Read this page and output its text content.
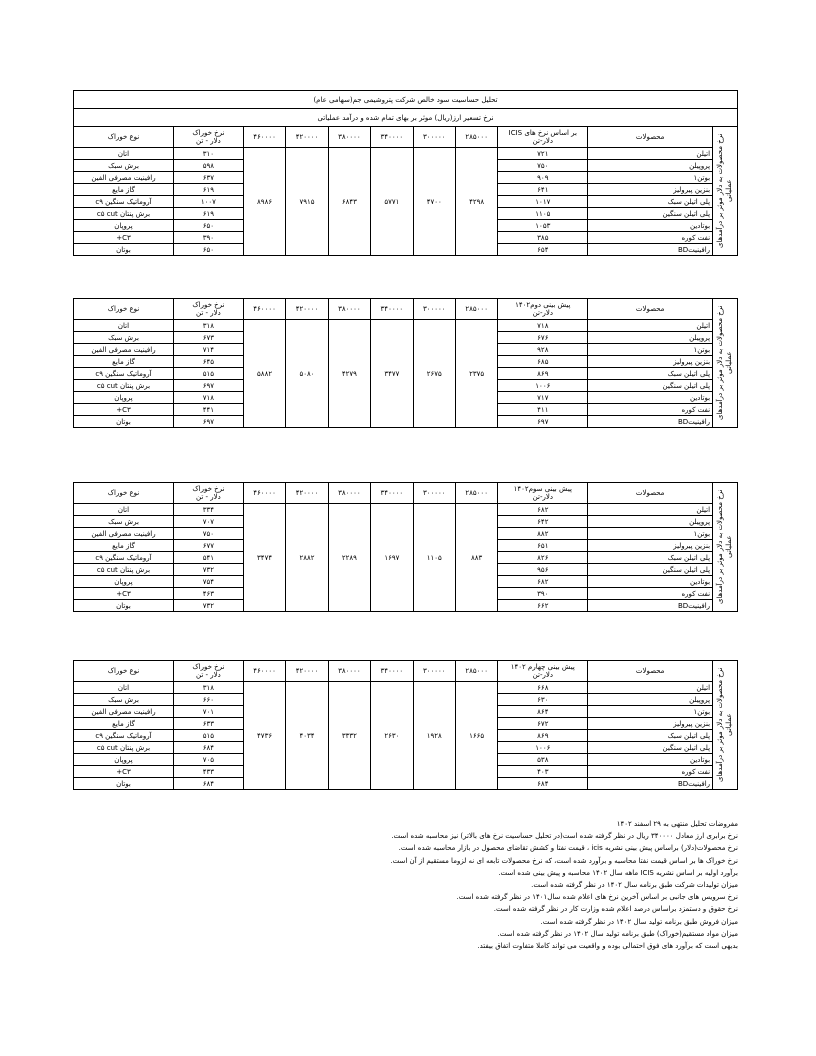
تحلیل حساسیت سود خالص شرکت پتروشیمی جم(سهامی عام)										
نرخ تسعیر ارز(ریال) موثر بر بهای تمام شده و درآمد عملیاتی										

نرخ محصولات به دلار موثر بر درآمدهای عملیاتی	محصولات	بر اساس نرخ های ICIS
دلار-تن	۲۸۵۰۰۰	۳۰۰۰۰۰	۳۴۰۰۰۰	۳۸۰۰۰۰	۴۲۰۰۰۰	۴۶۰۰۰۰	نرخ خوراک
دلار - تن	نوع خوراک
	اتیلن	۷۲۱	۴۲۹۸	۴۷۰۰	۵۷۷۱	۶۸۴۳	۷۹۱۵	۸۹۸۶	۳۱۰	اتان
	پروپیلن	۷۵۰							۵۹۸	برش سبک
	بوتن۱	۹۰۹							۶۳۷	رافینیت مصرفی الفین
	بنزین پیرولیز	۶۴۱							۶۱۹	گاز مایع
	پلی اتیلن سبک	۱۰۱۷							۱۰۰۷	آروماتیک سنگین c۹
	پلی اتیلن سنگین	۱۱۰۵							۶۱۹	برش پنتان c۵ cut
	بوتادین	۱۰۵۳							۶۵۰	پروپان
	نفت کوره	۳۸۵							۳۹۰	C۳+
	رافینیتBD	۶۵۴							۶۵۰	بوتان
نرخ محصولات به دلار موثر بر درآمدهای عملیاتی	محصولات	پیش بینی دوم۱۴۰۲
دلار-تن	۲۸۵۰۰۰	۳۰۰۰۰۰	۳۴۰۰۰۰	۳۸۰۰۰۰	۴۲۰۰۰۰	۴۶۰۰۰۰	نرخ خوراک
دلار - تن	نوع خوراک
	اتیلن	۷۱۸	۲۳۷۵	۲۶۷۵	۳۴۷۷	۴۲۷۹	۵۰۸۰	۵۸۸۲	۳۱۸	اتان
	پروپیلن	۶۷۶							۶۷۳	برش سبک
	بوتن۱	۹۲۸							۷۱۴	رافینیت مصرفی الفین
	بنزین پیرولیز	۶۸۵							۶۴۵	گاز مایع
	پلی اتیلن سبک	۸۶۹							۵۱۵	آروماتیک سنگین c۹
	پلی اتیلن سنگین	۱۰۰۶							۶۹۷	برش پنتان c۵ cut
	بوتادین	۷۱۷							۷۱۸	پروپان
	نفت کوره	۴۱۱							۴۴۱	C۳+
	رافینیتBD	۶۹۷							۶۹۷	بوتان
نرخ محصولات به دلار موثر بر درآمدهای عملیاتی	محصولات	پیش بینی سوم۱۴۰۲
دلار-تن	۲۸۵۰۰۰	۳۰۰۰۰۰	۳۴۰۰۰۰	۳۸۰۰۰۰	۴۲۰۰۰۰	۴۶۰۰۰۰	نرخ خوراک
دلار - تن	نوع خوراک
	اتیلن	۶۸۲	۸۸۳	۱۱۰۵	۱۶۹۷	۲۲۸۹	۲۸۸۲	۳۴۷۴	۳۳۴	اتان
	پروپیلن	۶۴۲							۷۰۷	برش سبک
	بوتن۱	۸۸۲							۷۵۰	رافینیت مصرفی الفین
	بنزین پیرولیز	۶۵۱							۶۷۷	گاز مایع
	پلی اتیلن سبک	۸۲۶							۵۴۱	آروماتیک سنگین c۹
	پلی اتیلن سنگین	۹۵۶							۷۳۲	برش پنتان c۵ cut
	بوتادین	۶۸۲							۷۵۴	پروپان
	نفت کوره	۳۹۰							۴۶۳	C۳+
	رافینیتBD	۶۶۲							۷۳۲	بوتان
نرخ محصولات به دلار موثر بر درآمدهای عملیاتی	محصولات	پیش بینی چهارم ۱۴۰۲
دلار-تن	۲۸۵۰۰۰	۳۰۰۰۰۰	۳۴۰۰۰۰	۳۸۰۰۰۰	۴۲۰۰۰۰	۴۶۰۰۰۰	نرخ خوراک
دلار - تن	نوع خوراک
	اتیلن	۶۶۸	۱۶۶۵	۱۹۲۸	۲۶۳۰	۳۳۳۲	۴۰۳۴	۴۷۳۶	۳۱۸	اتان
	پروپیلن	۶۳۰							۶۶۰	برش سبک
	بوتن۱	۸۶۴							۷۰۱	رافینیت مصرفی الفین
	بنزین پیرولیز	۶۷۲							۶۳۳	گاز مایع
	پلی اتیلن سبک	۸۶۹							۵۱۵	آروماتیک سنگین c۹
	پلی اتیلن سنگین	۱۰۰۶							۶۸۴	برش پنتان c۵ cut
	بوتادین	۵۳۸							۷۰۵	پروپان
	نفت کوره	۴۰۳							۴۳۳	C۳+
	رافینیتBD	۶۸۴							۶۸۴	بوتان
مفروضات تحلیل منتهی به ۲۹ اسفند ۱۴۰۲
نرخ برابری ارز معادل ۳۴۰۰۰۰ ریال در نظر گرفته شده است(در تحلیل حساسیت نرخ های بالاتر) نیز محاسبه شده است.
نرخ محصولات(دلار) براساس پیش بینی نشریه icis ، قیمت نفتا و کشش تقاضای محصول در بازار محاسبه شده است.
نرخ خوراک ها بر اساس قیمت نفتا محاسبه و برآورد شده است، که نرخ محصولات تابعه ای نه لزوما مستقیم از آن است.
برآورد اولیه بر اساس نشریه ICIS ماهه سال ۱۴۰۲ محاسبه و پیش بینی شده است.
میزان تولیدات شرکت طبق برنامه سال ۱۴۰۲ در نظر گرفته شده است.
نرخ سرویس های جانبی بر اساس آخرین نرخ های اعلام شده سال۱۴۰۱ در نظر گرفته شده است.
نرخ حقوق و دستمزد براساس درصد اعلام شده وزارت کار در نظر گرفته شده است.
میزان فروش طبق برنامه تولید سال ۱۴۰۲ در نظر گرفته شده است.
میزان مواد مستقیم(خوراک) طبق برنامه تولید سال ۱۴۰۲ در نظر گرفته شده است.
بدیهی است که برآورد های فوق احتمالی بوده و واقعیت می تواند کاملا متفاوت اتفاق بیفتد.
